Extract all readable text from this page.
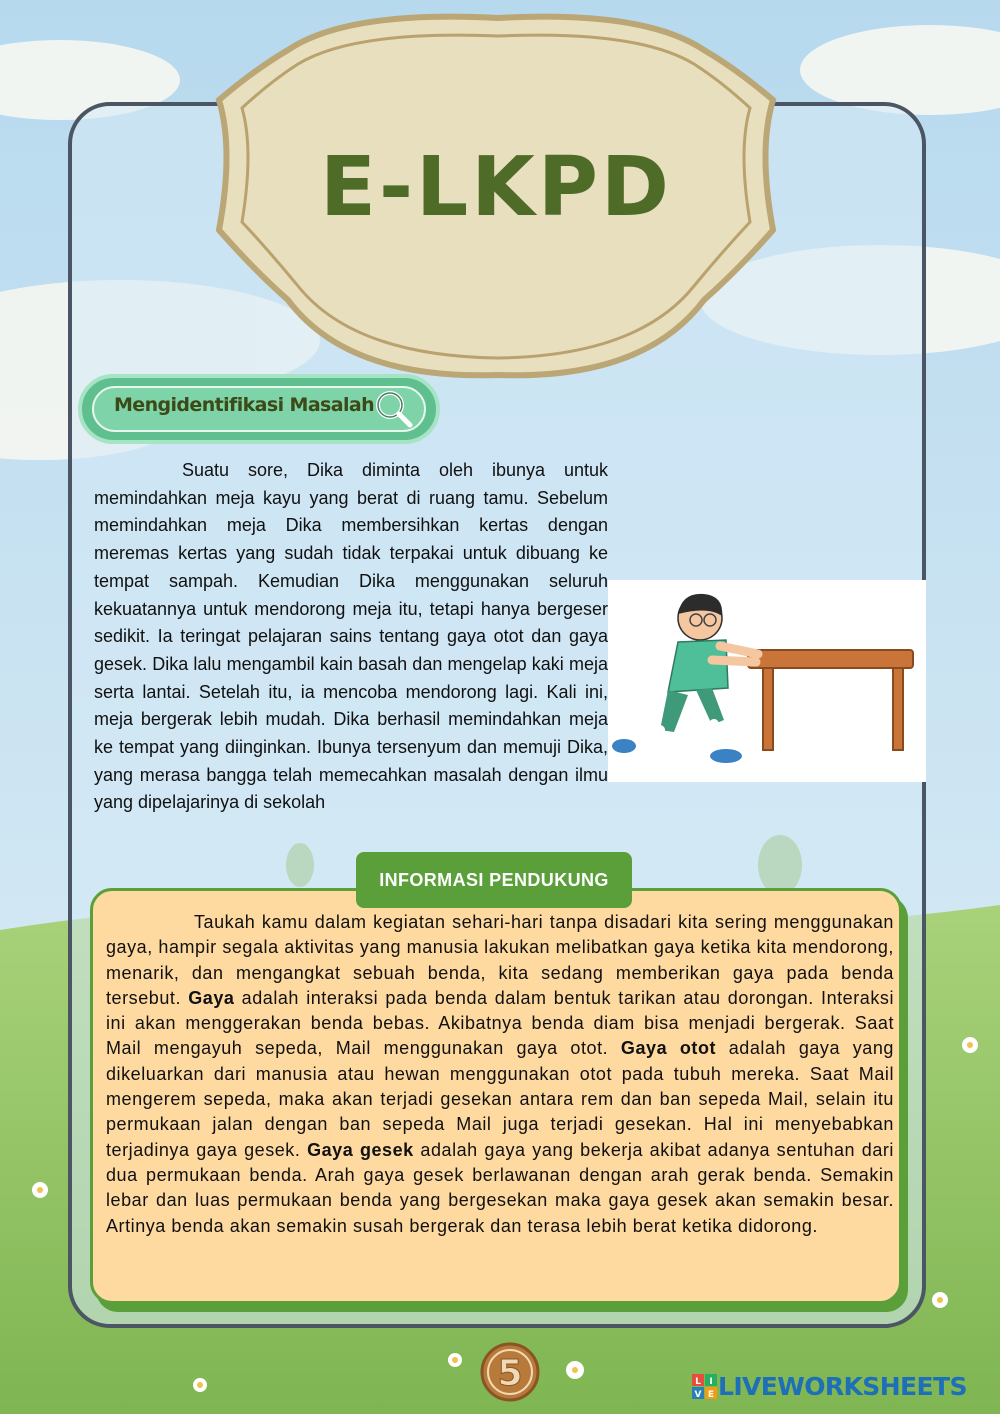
E-LKPD
Mengidentifikasi Masalah

Suatu sore, Dika diminta oleh ibunya untuk memindahkan meja kayu yang berat di ruang tamu. Sebelum memindahkan meja Dika membersihkan kertas dengan meremas kertas yang sudah tidak terpakai untuk dibuang ke tempat sampah. Kemudian Dika menggunakan seluruh kekuatannya untuk mendorong meja itu, tetapi hanya bergeser sedikit. Ia teringat pelajaran sains tentang gaya otot dan gaya gesek. Dika lalu mengambil kain basah dan mengelap kaki meja serta lantai. Setelah itu, ia mencoba mendorong lagi. Kali ini, meja bergerak lebih mudah. Dika berhasil memindahkan meja ke tempat yang diinginkan. Ibunya tersenyum dan memuji Dika, yang merasa bangga telah memecahkan masalah dengan ilmu yang dipelajarinya di sekolah

INFORMASI PENDUKUNG

Taukah kamu dalam kegiatan sehari-hari tanpa disadari kita sering menggunakan gaya, hampir segala aktivitas yang manusia lakukan melibatkan gaya ketika kita mendorong, menarik, dan mengangkat sebuah benda, kita sedang memberikan gaya pada benda tersebut. Gaya adalah interaksi pada benda dalam bentuk tarikan atau dorongan. Interaksi ini akan menggerakan benda bebas. Akibatnya benda diam bisa menjadi bergerak. Saat Mail mengayuh sepeda, Mail menggunakan gaya otot. Gaya otot adalah gaya yang dikeluarkan dari manusia atau hewan menggunakan otot pada tubuh mereka. Saat Mail mengerem sepeda, maka akan terjadi gesekan antara rem dan ban sepeda Mail, selain itu permukaan jalan dengan ban sepeda Mail juga terjadi gesekan. Hal ini menyebabkan terjadinya gaya gesek. Gaya gesek adalah gaya yang bekerja akibat adanya sentuhan dari dua permukaan benda. Arah gaya gesek berlawanan dengan arah gerak benda. Semakin lebar dan luas permukaan benda yang bergesekan maka gaya gesek akan semakin besar. Artinya benda akan semakin susah bergerak dan terasa lebih berat ketika didorong.

5	L I
V E LIVEWORKSHEETS
